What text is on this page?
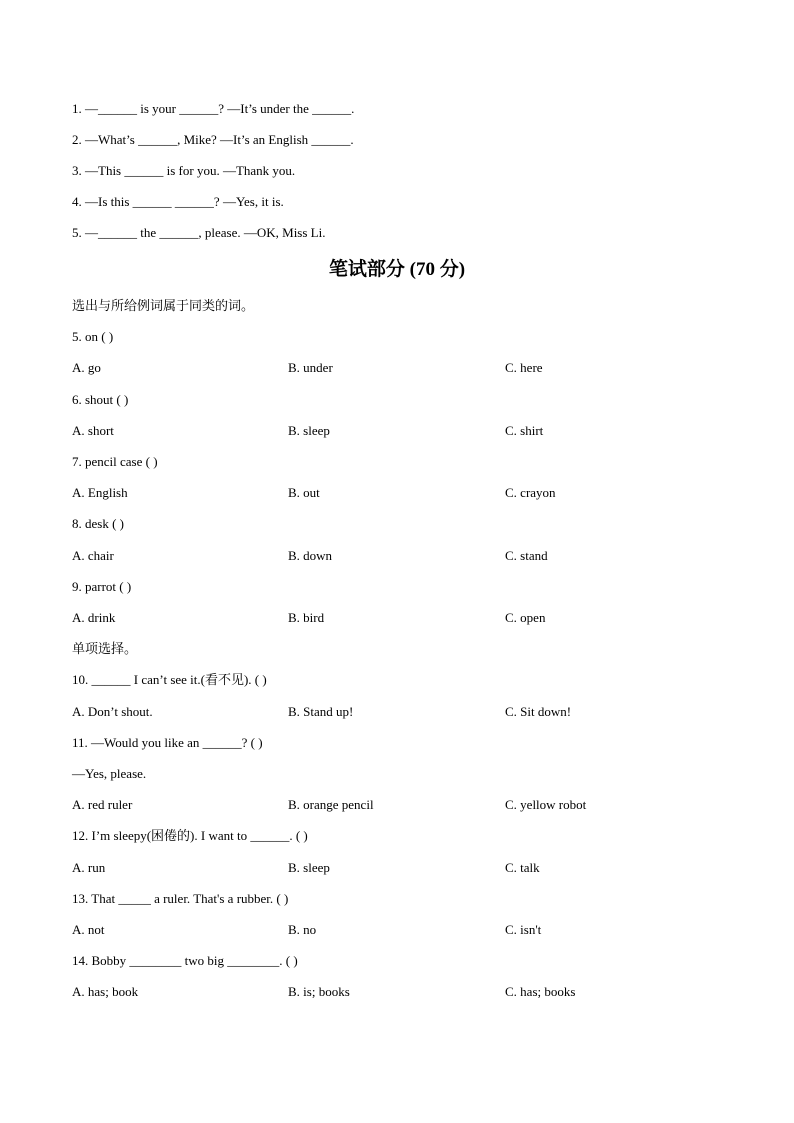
1. —______ is your ______? —It’s under the ______.
2. —What’s ______, Mike? —It’s an English ______.
3. —This ______ is for you. —Thank you.
4. —Is this ______ ______? —Yes, it is.
5. —______ the ______, please. —OK, Miss Li.
笔试部分 (70 分)
选出与所给例词属于同类的词。
5. on ( )
A. go	B. under	C. here
6. shout ( )
A. short	B. sleep	C. shirt
7. pencil case ( )
A. English	B. out	C. crayon
8. desk ( )
A. chair	B. down	C. stand
9. parrot ( )
A. drink	B. bird	C. open
单项选择。
10. ______ I can’t see it.(看不见). ( )
A. Don’t shout.	B. Stand up!	C. Sit down!
11. —Would you like an ______? ( )
—Yes, please.
A. red ruler	B. orange pencil	C. yellow robot
12. I’m sleepy(困倦的). I want to ______. ( )
A. run	B. sleep	C. talk
13. That _____ a ruler. That's a rubber. ( )
A. not	B. no	C. isn't
14. Bobby ________ two big ________. ( )
A. has; book	B. is; books	C. has; books
